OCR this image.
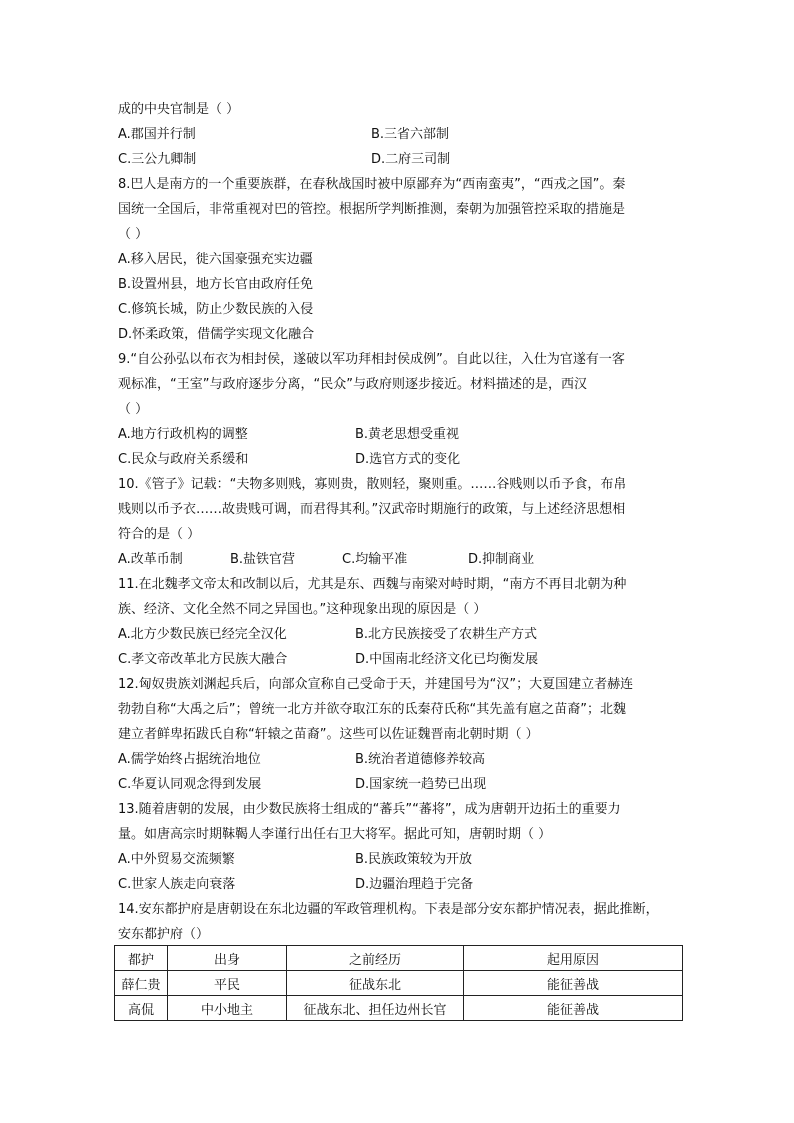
成的中央官制是（ ）
A.郡国并行制	B.三省六部制
C.三公九卿制	D.二府三司制
8.巴人是南方的一个重要族群，在春秋战国时被中原鄙弃为“西南蛮夷”，“西戎之国”。秦
国统一全国后，非常重视对巴的管控。根据所学判断推测，秦朝为加强管控采取的措施是
（ ）
A.移入居民，徙六国豪强充实边疆
B.设置州县，地方长官由政府任免
C.修筑长城，防止少数民族的入侵
D.怀柔政策，借儒学实现文化融合
9.“自公孙弘以布衣为相封侯，遂破以军功拜相封侯成例”。自此以往，入仕为官遂有一客
观标准，“王室”与政府逐步分离，“民众”与政府则逐步接近。材料描述的是，西汉
（ ）
A.地方行政机构的调整	B.黄老思想受重视
C.民众与政府关系缓和	D.选官方式的变化
10.《管子》记载：“夫物多则贱，寡则贵，散则轻，聚则重。……谷贱则以币予食，布帛
贱则以币予衣……故贵贱可调，而君得其利。”汉武帝时期施行的政策，与上述经济思想相
符合的是（ ）
A.改革币制	B.盐铁官营	C.均输平准	D.抑制商业
11.在北魏孝文帝太和改制以后，尤其是东、西魏与南梁对峙时期，“南方不再目北朝为种
族、经济、文化全然不同之异国也。”这种现象出现的原因是（ ）
A.北方少数民族已经完全汉化	B.北方民族接受了农耕生产方式
C.孝文帝改革北方民族大融合	D.中国南北经济文化已均衡发展
12.匈奴贵族刘渊起兵后，向部众宣称自己受命于天，并建国号为“汉”；大夏国建立者赫连
勃勃自称“大禹之后”；曾统一北方并欲夺取江东的氐秦苻氏称“其先盖有扈之苗裔”；北魏
建立者鲜卑拓跋氏自称“轩辕之苗裔”。这些可以佐证魏晋南北朝时期（ ）
A.儒学始终占据统治地位	B.统治者道德修养较高
C.华夏认同观念得到发展	D.国家统一趋势已出现
13.随着唐朝的发展，由少数民族将士组成的“蕃兵”“蕃将”，成为唐朝开边拓土的重要力
量。如唐高宗时期靺鞨人李谨行出任右卫大将军。据此可知，唐朝时期（ ）
A.中外贸易交流频繁	B.民族政策较为开放
C.世家人族走向衰落	D.边疆治理趋于完备
14.安东都护府是唐朝设在东北边疆的军政管理机构。下表是部分安东都护情况表，据此推断，
安东都护府（）
都护	出身	之前经历	起用原因
薛仁贵	平民	征战东北	能征善战
高侃	中小地主	征战东北、担任边州长官	能征善战
